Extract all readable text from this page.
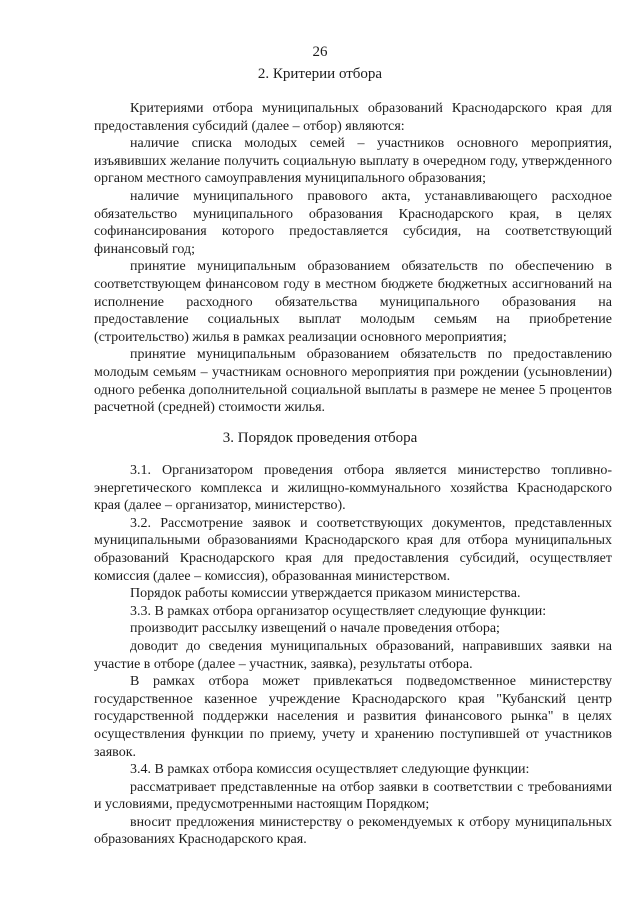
26
2. Критерии отбора

Критериями отбора муниципальных образований Краснодарского края для предоставления субсидий (далее – отбор) являются:

наличие списка молодых семей – участников основного мероприятия, изъявивших желание получить социальную выплату в очередном году, утвержденного органом местного самоуправления муниципального образования;

наличие муниципального правового акта, устанавливающего расходное обязательство муниципального образования Краснодарского края, в целях софинансирования которого предоставляется субсидия, на соответствующий финансовый год;

принятие муниципальным образованием обязательств по обеспечению в соответствующем финансовом году в местном бюджете бюджетных ассигнований на исполнение расходного обязательства муниципального образования на предоставление социальных выплат молодым семьям на приобретение (строительство) жилья в рамках реализации основного мероприятия;

принятие муниципальным образованием обязательств по предоставлению молодым семьям – участникам основного мероприятия при рождении (усыновлении) одного ребенка дополнительной социальной выплаты в размере не менее 5 процентов расчетной (средней) стоимости жилья.

3. Порядок проведения отбора

3.1. Организатором проведения отбора является министерство топливно-энергетического комплекса и жилищно-коммунального хозяйства Краснодарского края (далее – организатор, министерство).

3.2. Рассмотрение заявок и соответствующих документов, представленных муниципальными образованиями Краснодарского края для отбора муниципальных образований Краснодарского края для предоставления субсидий, осуществляет комиссия (далее – комиссия), образованная министерством.

Порядок работы комиссии утверждается приказом министерства.

3.3. В рамках отбора организатор осуществляет следующие функции:

производит рассылку извещений о начале проведения отбора;

доводит до сведения муниципальных образований, направивших заявки на участие в отборе (далее – участник, заявка), результаты отбора.

В рамках отбора может привлекаться подведомственное министерству государственное казенное учреждение Краснодарского края "Кубанский центр государственной поддержки населения и развития финансового рынка" в целях осуществления функции по приему, учету и хранению поступившей от участников заявок.

3.4. В рамках отбора комиссия осуществляет следующие функции:

рассматривает представленные на отбор заявки в соответствии с требованиями и условиями, предусмотренными настоящим Порядком;

вносит предложения министерству о рекомендуемых к отбору муниципальных образованиях Краснодарского края.
